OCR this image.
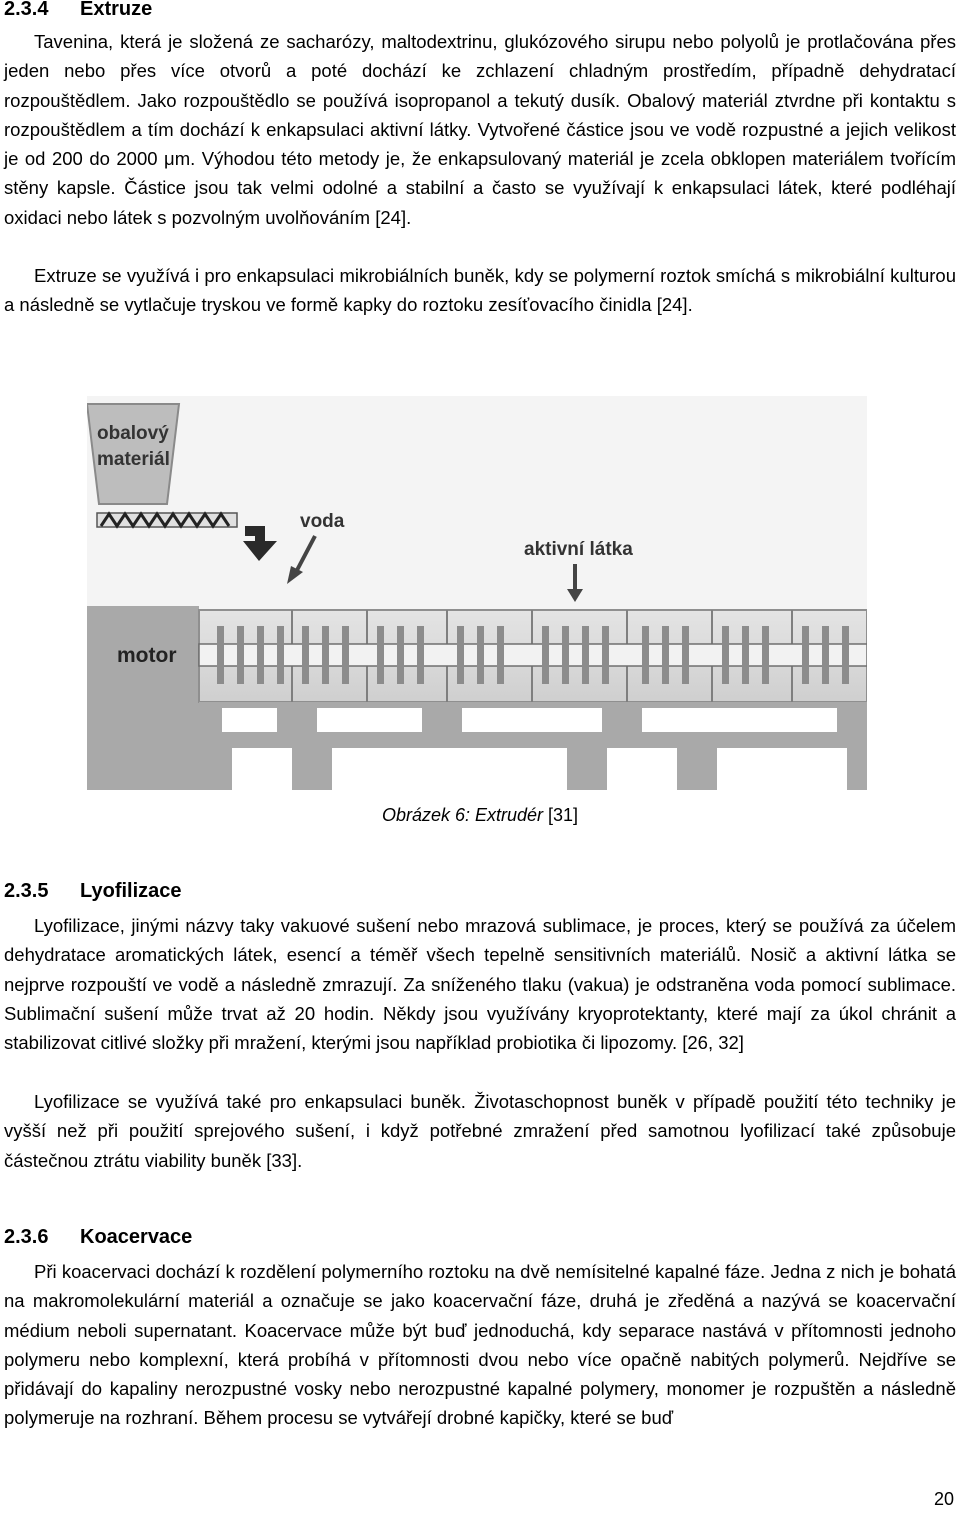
2.3.4 Extruze

Tavenina, která je složená ze sacharózy, maltodextrinu, glukózového sirupu nebo polyolů je protlačována přes jeden nebo přes více otvorů a poté dochází ke zchlazení chladným prostředím, případně dehydratací rozpouštědlem. Jako rozpouštědlo se používá isopropanol a tekutý dusík. Obalový materiál ztvrdne při kontaktu s rozpouštědlem a tím dochází k enkapsulaci aktivní látky. Vytvořené částice jsou ve vodě rozpustné a jejich velikost je od 200 do 2000 μm. Výhodou této metody je, že enkapsulovaný materiál je zcela obklopen materiálem tvořícím stěny kapsle. Částice jsou tak velmi odolné a stabilní a často se využívají k enkapsulaci látek, které podléhají oxidaci nebo látek s pozvolným uvolňováním [24].

Extruze se využívá i pro enkapsulaci mikrobiálních buněk, kdy se polymerní roztok smíchá s mikrobiální kulturou a následně se vytlačuje tryskou ve formě kapky do roztoku zesíťovacího činidla [24].

obalový
materiál
voda
aktivní látka
motor
Obrázek 6: Extrudér [31]
2.3.5 Lyofilizace

Lyofilizace, jinými názvy taky vakuové sušení nebo mrazová sublimace, je proces, který se používá za účelem dehydratace aromatických látek, esencí a téměř všech tepelně sensitivních materiálů. Nosič a aktivní látka se nejprve rozpouští ve vodě a následně zmrazují. Za sníženého tlaku (vakua) je odstraněna voda pomocí sublimace. Sublimační sušení může trvat až 20 hodin. Někdy jsou využívány kryoprotektanty, které mají za úkol chránit a stabilizovat citlivé složky při mražení, kterými jsou například probiotika či lipozomy. [26, 32]

Lyofilizace se využívá také pro enkapsulaci buněk. Životaschopnost buněk v případě použití této techniky je vyšší než při použití sprejového sušení, i když potřebné zmražení před samotnou lyofilizací také způsobuje částečnou ztrátu viability buněk [33].

2.3.6 Koacervace

Při koacervaci dochází k rozdělení polymerního roztoku na dvě nemísitelné kapalné fáze. Jedna z nich je bohatá na makromolekulární materiál a označuje se jako koacervační fáze, druhá je zředěná a nazývá se koacervační médium neboli supernatant. Koacervace může být buď jednoduchá, kdy separace nastává v přítomnosti jednoho polymeru nebo komplexní, která probíhá v přítomnosti dvou nebo více opačně nabitých polymerů. Nejdříve se přidávají do kapaliny nerozpustné vosky nebo nerozpustné kapalné polymery, monomer je rozpuštěn a následně polymeruje na rozhraní. Během procesu se vytvářejí drobné kapičky, které se buď

20
